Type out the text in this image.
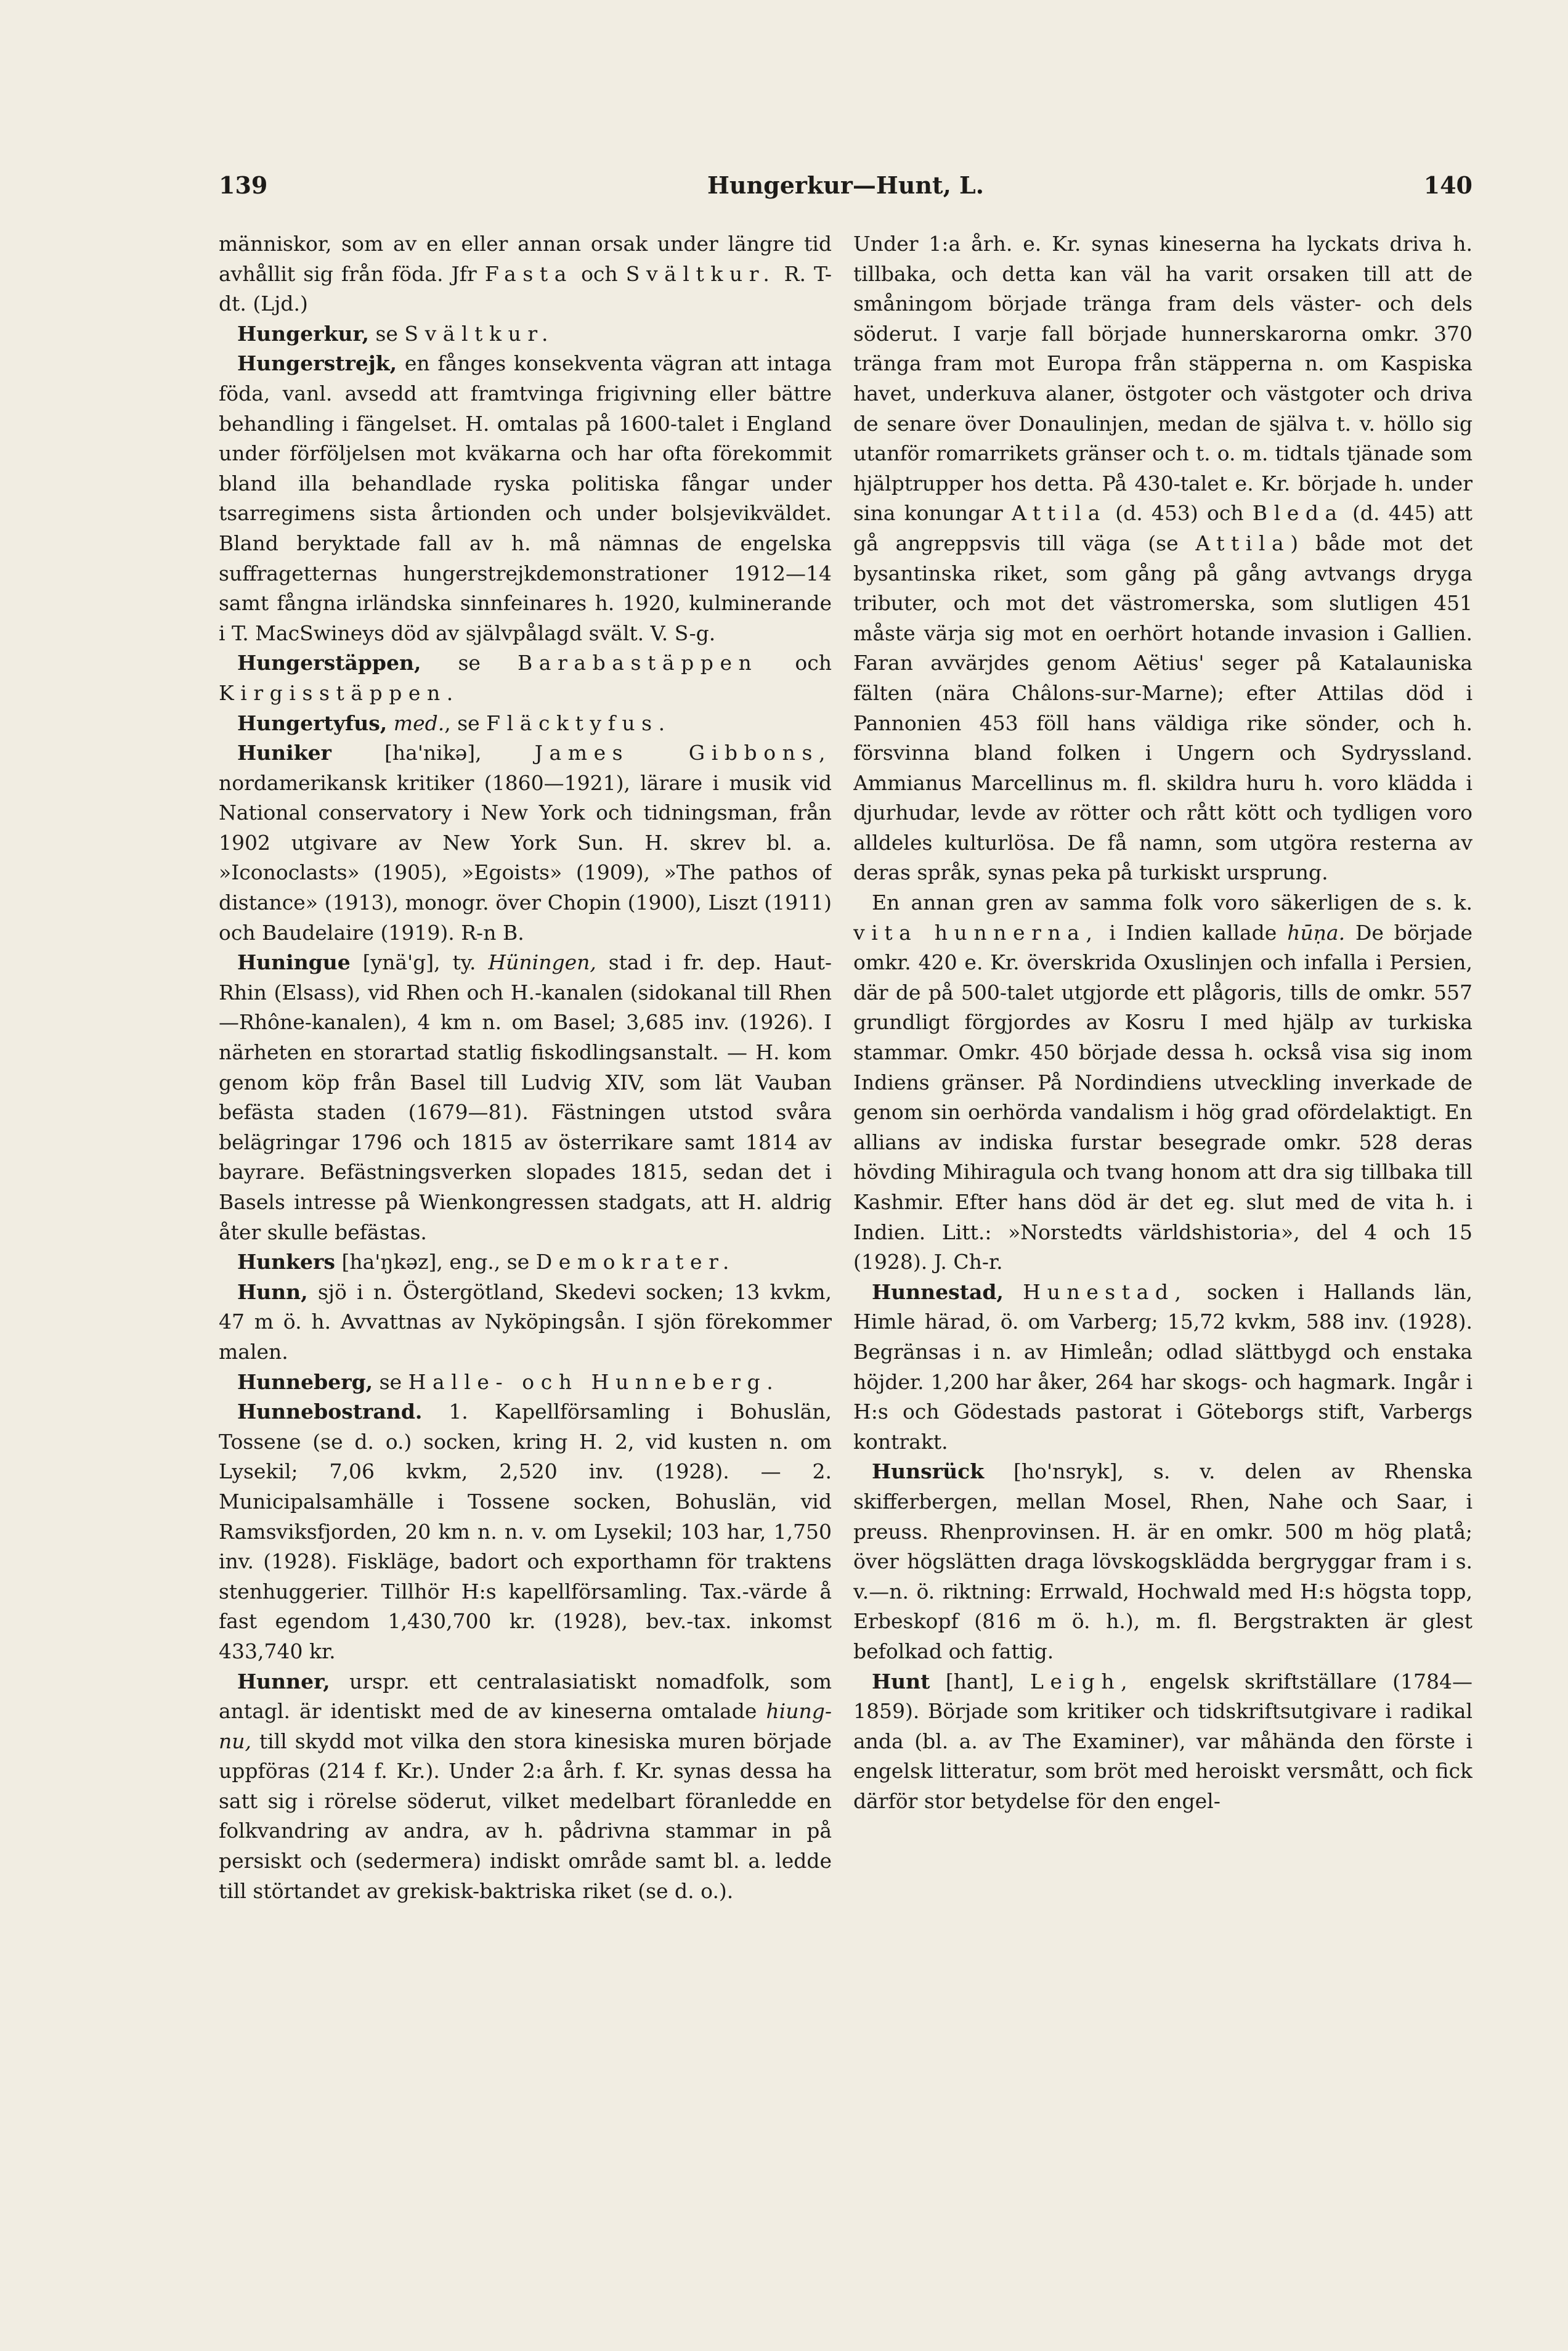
139	Hungerkur—Hunt, L.	140

människor, som av en eller annan orsak under längre tid avhållit sig från föda. Jfr Fasta och Svältkur. R. T-dt. (Ljd.)

Hungerkur, se Svältkur.

Hungerstrejk, en fånges konsekventa vägran att intaga föda, vanl. avsedd att framtvinga frigivning eller bättre behandling i fängelset. H. omtalas på 1600-talet i England under förföljelsen mot kväkarna och har ofta förekommit bland illa behandlade ryska politiska fångar under tsarregimens sista årtionden och under bolsjevikväldet. Bland beryktade fall av h. må nämnas de engelska suffragetternas hungerstrejkdemonstrationer 1912—14 samt fångna irländska sinnfeinares h. 1920, kulminerande i T. MacSwineys död av självpålagd svält. V. S-g.

Hungerstäppen, se Barabastäppen och Kirgisstäppen.

Hungertyfus, med., se Fläcktyfus.

Huniker [ha'nikə], James Gibbons, nordamerikansk kritiker (1860—1921), lärare i musik vid National conservatory i New York och tidningsman, från 1902 utgivare av New York Sun. H. skrev bl. a. »Iconoclasts» (1905), »Egoists» (1909), »The pathos of distance» (1913), monogr. över Chopin (1900), Liszt (1911) och Baudelaire (1919). R-n B.

Huningue [ynä'g], ty. Hüningen, stad i fr. dep. Haut-Rhin (Elsass), vid Rhen och H.-kanalen (sidokanal till Rhen—Rhône-kanalen), 4 km n. om Basel; 3,685 inv. (1926). I närheten en storartad statlig fiskodlingsanstalt. — H. kom genom köp från Basel till Ludvig XIV, som lät Vauban befästa staden (1679—81). Fästningen utstod svåra belägringar 1796 och 1815 av österrikare samt 1814 av bayrare. Befästningsverken slopades 1815, sedan det i Basels intresse på Wienkongressen stadgats, att H. aldrig åter skulle befästas.

Hunkers [ha'ŋkəz], eng., se Demokrater.

Hunn, sjö i n. Östergötland, Skedevi socken; 13 kvkm, 47 m ö. h. Avvattnas av Nyköpingsån. I sjön förekommer malen.

Hunneberg, se Halle- och Hunneberg.

Hunnebostrand. 1. Kapellförsamling i Bohuslän, Tossene (se d. o.) socken, kring H. 2, vid kusten n. om Lysekil; 7,06 kvkm, 2,520 inv. (1928). — 2. Municipalsamhälle i Tossene socken, Bohuslän, vid Ramsviksfjorden, 20 km n. n. v. om Lysekil; 103 har, 1,750 inv. (1928). Fiskläge, badort och exporthamn för traktens stenhuggerier. Tillhör H:s kapellförsamling. Tax.-värde å fast egendom 1,430,700 kr. (1928), bev.-tax. inkomst 433,740 kr.

Hunner, urspr. ett centralasiatiskt nomadfolk, som antagl. är identiskt med de av kineserna omtalade hiung-nu, till skydd mot vilka den stora kinesiska muren började uppföras (214 f. Kr.). Under 2:a årh. f. Kr. synas dessa ha satt sig i rörelse söderut, vilket medelbart föranledde en folkvandring av andra, av h. pådrivna stammar in på persiskt och (sedermera) indiskt område samt bl. a. ledde till störtandet av grekisk-baktriska riket (se d. o.).

Under 1:a årh. e. Kr. synas kineserna ha lyckats driva h. tillbaka, och detta kan väl ha varit orsaken till att de småningom började tränga fram dels väster- och dels söderut. I varje fall började hunnerskarorna omkr. 370 tränga fram mot Europa från stäpperna n. om Kaspiska havet, underkuva alaner, östgoter och västgoter och driva de senare över Donaulinjen, medan de själva t. v. höllo sig utanför romarrikets gränser och t. o. m. tidtals tjänade som hjälptrupper hos detta. På 430-talet e. Kr. började h. under sina konungar Attila (d. 453) och Bleda (d. 445) att gå angreppsvis till väga (se Attila) både mot det bysantinska riket, som gång på gång avtvangs dryga tributer, och mot det västromerska, som slutligen 451 måste värja sig mot en oerhört hotande invasion i Gallien. Faran avvärjdes genom Aëtius' seger på Katalauniska fälten (nära Châlons-sur-Marne); efter Attilas död i Pannonien 453 föll hans väldiga rike sönder, och h. försvinna bland folken i Ungern och Sydryssland. Ammianus Marcellinus m. fl. skildra huru h. voro klädda i djurhudar, levde av rötter och rått kött och tydligen voro alldeles kulturlösa. De få namn, som utgöra resterna av deras språk, synas peka på turkiskt ursprung.

En annan gren av samma folk voro säkerligen de s. k. vita hunnerna, i Indien kallade hūṇa. De började omkr. 420 e. Kr. överskrida Oxuslinjen och infalla i Persien, där de på 500-talet utgjorde ett plågoris, tills de omkr. 557 grundligt förgjordes av Kosru I med hjälp av turkiska stammar. Omkr. 450 började dessa h. också visa sig inom Indiens gränser. På Nordindiens utveckling inverkade de genom sin oerhörda vandalism i hög grad ofördelaktigt. En allians av indiska furstar besegrade omkr. 528 deras hövding Mihiragula och tvang honom att dra sig tillbaka till Kashmir. Efter hans död är det eg. slut med de vita h. i Indien. Litt.: »Norstedts världshistoria», del 4 och 15 (1928). J. Ch-r.

Hunnestad, Hunestad, socken i Hallands län, Himle härad, ö. om Varberg; 15,72 kvkm, 588 inv. (1928). Begränsas i n. av Himleån; odlad slättbygd och enstaka höjder. 1,200 har åker, 264 har skogs- och hagmark. Ingår i H:s och Gödestads pastorat i Göteborgs stift, Varbergs kontrakt.

Hunsrück [ho'nsryk], s. v. delen av Rhenska skifferbergen, mellan Mosel, Rhen, Nahe och Saar, i preuss. Rhenprovinsen. H. är en omkr. 500 m hög platå; över högslätten draga lövskogsklädda bergryggar fram i s. v.—n. ö. riktning: Errwald, Hochwald med H:s högsta topp, Erbeskopf (816 m ö. h.), m. fl. Bergstrakten är glest befolkad och fattig.

Hunt [hant], Leigh, engelsk skriftställare (1784—1859). Började som kritiker och tidskriftsutgivare i radikal anda (bl. a. av The Examiner), var måhända den förste i engelsk litteratur, som bröt med heroiskt versmått, och fick därför stor betydelse för den engel-
